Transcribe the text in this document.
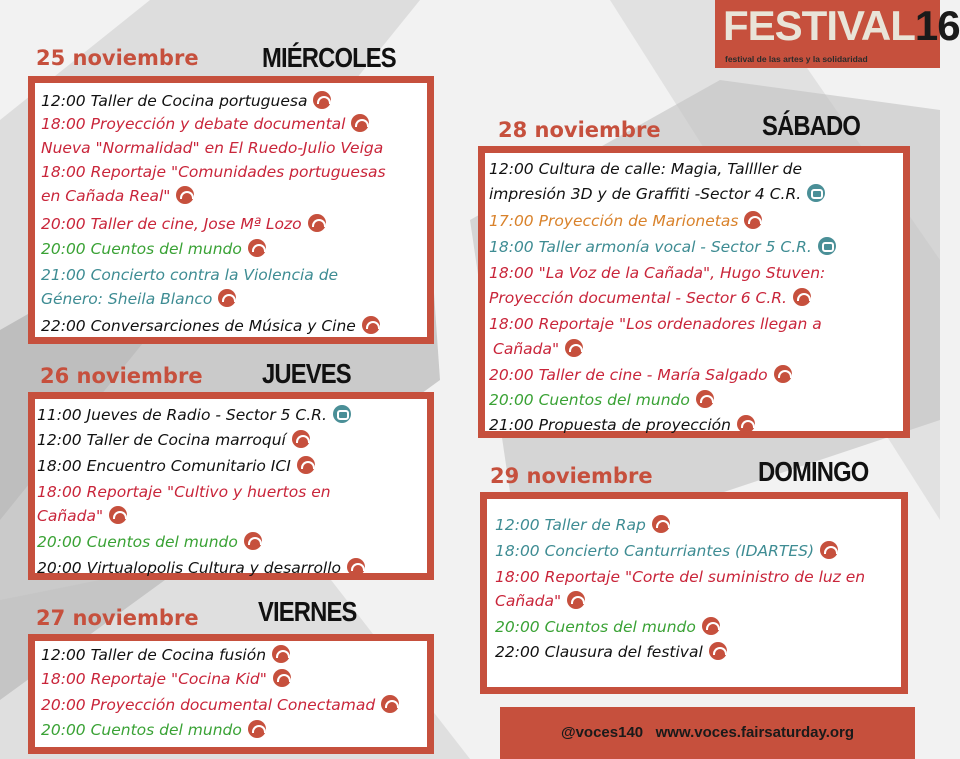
FESTIVAL16
festival de las artes y la solidaridad
25 noviembre MIÉRCOLES
12:00 Taller de Cocina portuguesa
18:00 Proyección y debate documental
Nueva "Normalidad" en El Ruedo-Julio Veiga
18:00 Reportaje "Comunidades portuguesas
en Cañada Real"
20:00 Taller de cine, Jose Mª Lozo
20:00 Cuentos del mundo
21:00 Concierto contra la Violencia de
Género: Sheila Blanco
22:00 Conversarciones de Música y Cine
26 noviembre JUEVES
11:00 Jueves de Radio - Sector 5 C.R.
12:00 Taller de Cocina marroquí
18:00 Encuentro Comunitario ICI
18:00 Reportaje "Cultivo y huertos en
Cañada"
20:00 Cuentos del mundo
20:00 Virtualopolis Cultura y desarrollo
27 noviembre VIERNES
12:00 Taller de Cocina fusión
18:00 Reportaje "Cocina Kid"
20:00 Proyección documental Conectamad
20:00 Cuentos del mundo
28 noviembre	SÁBADO
12:00 Cultura de calle: Magia, Tallller de
impresión 3D y de Graffiti -Sector 4 C.R.
17:00 Proyección de Marionetas
18:00 Taller armonía vocal - Sector 5 C.R.
18:00 "La Voz de la Cañada", Hugo Stuven:
Proyección documental - Sector 6 C.R.
18:00 Reportaje "Los ordenadores llegan a
Cañada"
20:00 Taller de cine - María Salgado
20:00 Cuentos del mundo
21:00 Propuesta de proyección
29 noviembre	DOMINGO
12:00 Taller de Rap
18:00 Concierto Canturriantes (IDARTES)
18:00 Reportaje "Corte del suministro de luz en
Cañada"
20:00 Cuentos del mundo
22:00 Clausura del festival
@voces140   www.voces.fairsaturday.org
